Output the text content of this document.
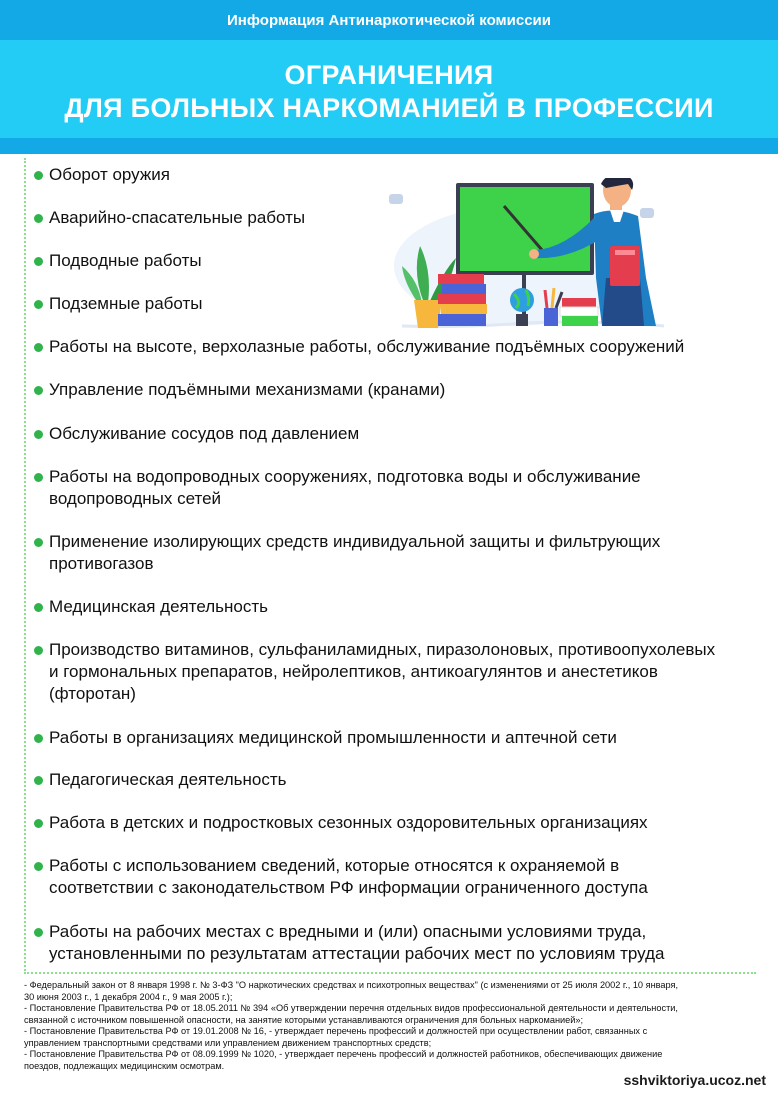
Информация Антинаркотической комиссии
ОГРАНИЧЕНИЯ
ДЛЯ БОЛЬНЫХ НАРКОМАНИЕЙ В ПРОФЕССИИ
Оборот оружия
Аварийно-спасательные работы
Подводные работы
Подземные работы
Работы на высоте, верхолазные работы, обслуживание подъёмных сооружений
Управление подъёмными механизмами (кранами)
Обслуживание сосудов под давлением
Работы на водопроводных сооружениях, подготовка воды и обслуживание
водопроводных сетей
Применение изолирующих средств индивидуальной защиты и фильтрующих
противогазов
Медицинская деятельность
Производство витаминов, сульфаниламидных, пиразолоновых, противоопухолевых
и гормональных препаратов, нейролептиков, антикоагулянтов и анестетиков
(фторотан)
Работы в организациях медицинской промышленности и аптечной сети
Педагогическая деятельность
Работа в детских и подростковых сезонных оздоровительных организациях
Работы с использованием сведений, которые относятся к охраняемой в
соответствии с законодательством РФ информации ограниченного доступа
Работы на рабочих местах с вредными и (или) опасными условиями труда,
установленными по результатам аттестации рабочих мест по условиям труда
- Федеральный закон от 8 января 1998 г. № 3-ФЗ "О наркотических средствах и психотропных веществах" (с изменениями от 25 июля 2002 г., 10 января,
30 июня 2003 г., 1 декабря 2004 г., 9 мая 2005 г.);
- Постановление Правительства РФ от 18.05.2011 № 394 «Об утверждении перечня отдельных видов профессиональной деятельности и деятельности,
связанной с источником повышенной опасности, на занятие которыми устанавливаются ограничения для больных наркоманией»;
- Постановление Правительства РФ от 19.01.2008 № 16, - утверждает перечень профессий и должностей при осуществлении работ, связанных с
управлением транспортными средствами или управлением движением транспортных средств;
- Постановление Правительства РФ от 08.09.1999 № 1020, - утверждает перечень профессий и должностей работников, обеспечивающих движение
поездов, подлежащих медицинским осмотрам.
sshviktoriya.ucoz.net
